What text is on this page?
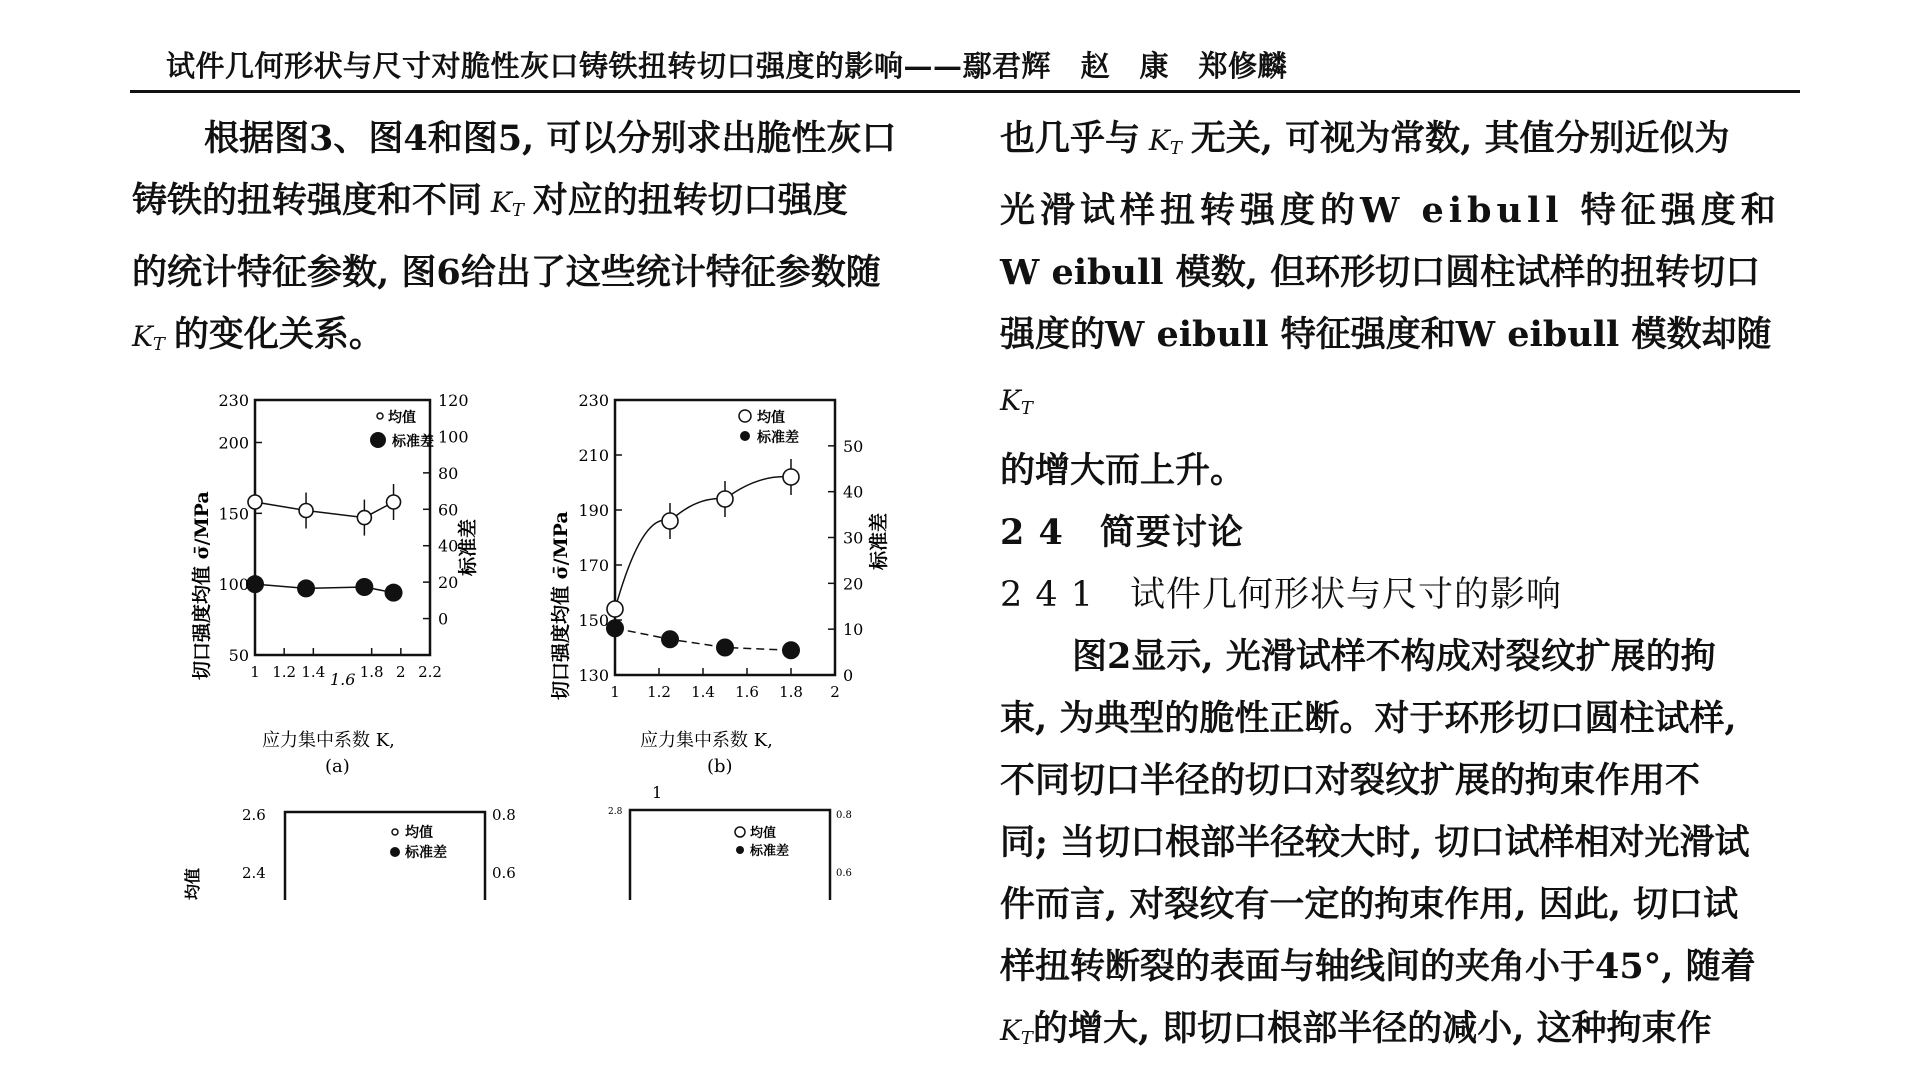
试件几何形状与尺寸对脆性灰口铸铁扭转切口强度的影响——鄢君辉　赵　康　郑修麟

根据图3、图4和图5, 可以分别求出脆性灰口

铸铁的扭转强度和不同 $K_T$ 对应的扭转切口强度

的统计特征参数, 图6给出了这些统计特征参数随

$K_T$ 的变化关系。

也几乎与 $K_T$ 无关, 可视为常数, 其值分别近似为

光滑试样扭转强度的W eibull 特征强度和

W eibull 模数, 但环形切口圆柱试样的扭转切口

强度的W eibull 特征强度和W eibull 模数却随 $K_T$

的增大而上升。

2 4　简要讨论

2 4 1　试件几何形状与尺寸的影响

图2显示, 光滑试样不构成对裂纹扩展的拘

束, 为典型的脆性正断。对于环形切口圆柱试样,

不同切口半径的切口对裂纹扩展的拘束作用不

同; 当切口根部半径较大时, 切口试样相对光滑试

件而言, 对裂纹有一定的拘束作用, 因此, 切口试

样扭转断裂的表面与轴线间的夹角小于45°, 随着

$K_T$的增大, 即切口根部半径的减小, 这种拘束作

50
100
150
200
230
0
20
40
60
80
100
120
1 1.2 1.4 1.8 2 2.2
1.6
应力集中系数 K,
(a)
切口强度均值 σ̄/MPa	标准差
均值
标准差
130
150
170
190
210
230
0
10
20
30
40
50
1 1.2 1.4 1.6 1.8 2
应力集中系数 K,
(b)
切口强度均值 σ̄/MPa	标准差
均值
标准差
2.6
2.4
0.8
0.6
均值
均值
标准差
1
2.8	0.8
0.6
均值
标准差
